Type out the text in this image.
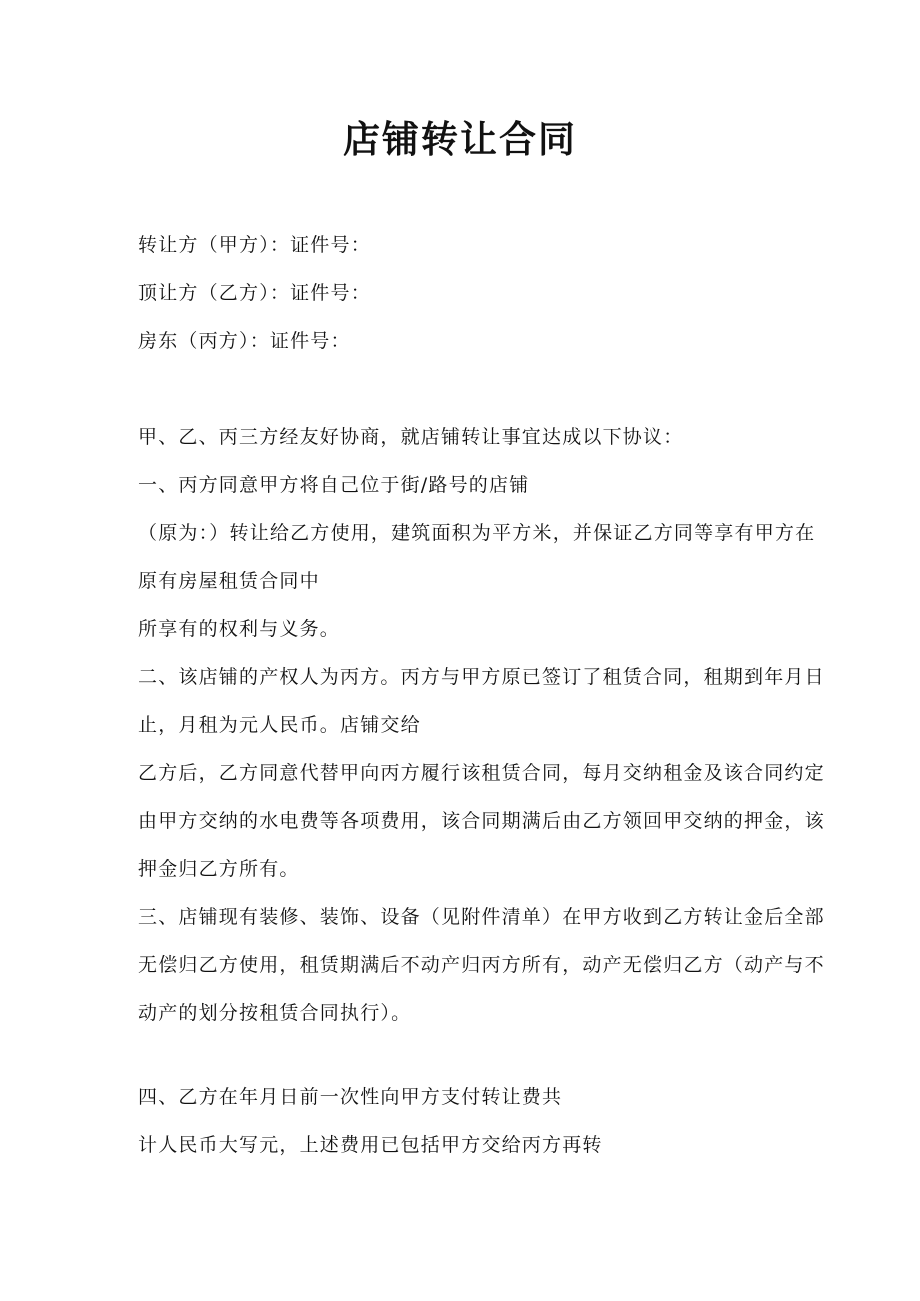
店铺转让合同
转让方（甲方）：证件号：
顶让方（乙方）：证件号：
房东（丙方）：证件号：
甲、乙、丙三方经友好协商，就店铺转让事宜达成以下协议：
一、丙方同意甲方将自己位于街/路号的店铺
（原为：）转让给乙方使用，建筑面积为平方米，并保证乙方同等享有甲方在
原有房屋租赁合同中
所享有的权利与义务。
二、该店铺的产权人为丙方。丙方与甲方原已签订了租赁合同，租期到年月日
止，月租为元人民币。店铺交给
乙方后，乙方同意代替甲向丙方履行该租赁合同，每月交纳租金及该合同约定
由甲方交纳的水电费等各项费用，该合同期满后由乙方领回甲交纳的押金，该
押金归乙方所有。
三、店铺现有装修、装饰、设备（见附件清单）在甲方收到乙方转让金后全部
无偿归乙方使用，租赁期满后不动产归丙方所有，动产无偿归乙方（动产与不
动产的划分按租赁合同执行）。
四、乙方在年月日前一次性向甲方支付转让费共
计人民币大写元，上述费用已包括甲方交给丙方再转
